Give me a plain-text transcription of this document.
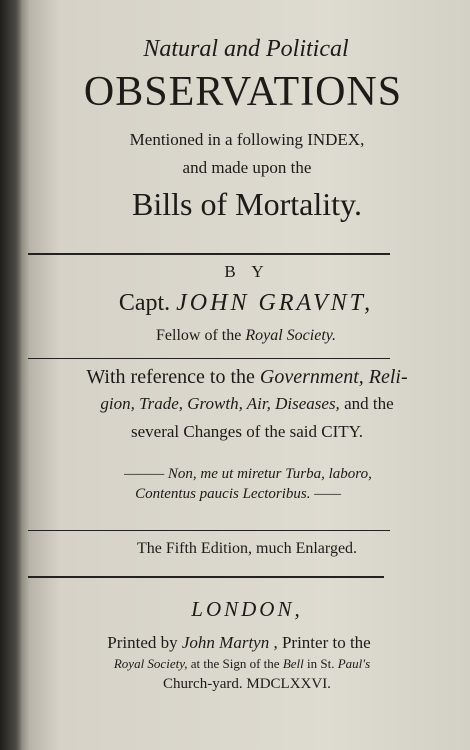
Natural and Political
OBSERVATIONS
Mentioned in a following INDEX,
and made upon the
Bills of Mortality.
B Y
Capt. JOHN GRAVNT,
Fellow of the Royal Society.
With reference to the Government, Reli-
gion, Trade, Growth, Air, Diseases, and the
several Changes of the said CITY.
——— Non, me ut miretur Turba, laboro,
Contentus paucis Lectoribus. ——
The Fifth Edition, much Enlarged.
LONDON,
Printed by John Martyn , Printer to the
Royal Society, at the Sign of the Bell in St. Paul's
Church-yard. MDCLXXVI.
